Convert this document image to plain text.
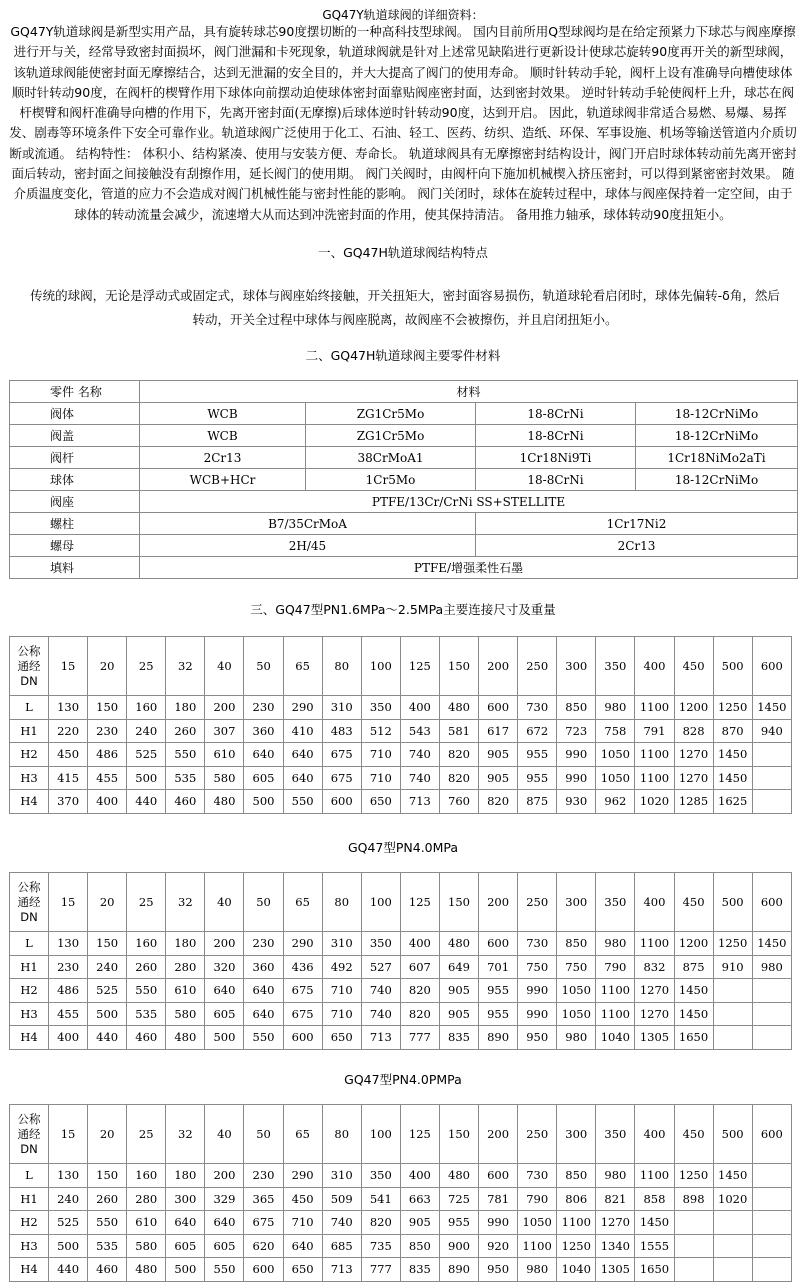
GQ47Y轨道球阀的详细资料：
GQ47Y轨道球阀是新型实用产品，具有旋转球芯90度摆切断的一种高科技型球阀。 国内目前所用Q型球阀均是在给定预紧力下球芯与阀座摩擦进行开与关，经常导致密封面损坏，阀门泄漏和卡死现象，轨道球阀就是针对上述常见缺陷进行更新设计使球芯旋转90度再开关的新型球阀，该轨道球阀能使密封面无摩擦结合，达到无泄漏的安全目的，并大大提高了阀门的使用寿命。 顺时针转动手轮，阀杆上设有准确导向槽使球体顺时针转动90度，在阀杆的楔臂作用下球体向前摆动迫使球体密封面靠贴阀座密封面，达到密封效果。 逆时针转动手轮使阀杆上升，球芯在阀杆楔臂和阀杆准确导向槽的作用下，先离开密封面(无摩擦)后球体逆时针转动90度，达到开启。 因此，轨道球阀非常适合易燃、易爆、易挥发、剧毒等环境条件下安全可靠作业。轨道球阀广泛使用于化工、石油、轻工、医药、纺织、造纸、环保、军事设施、机场等输送管道内介质切断或流通。 结构特性： 体积小、结构紧凑、使用与安装方便、寿命长。 轨道球阀具有无摩擦密封结构设计，阀门开启时球体转动前先离开密封面后转动，密封面之间接触没有刮擦作用，延长阀门的使用期。 阀门关阀时，由阀杆向下施加机械楔入挤压密封，可以得到紧密密封效果。 随介质温度变化，管道的应力不会造成对阀门机械性能与密封性能的影响。 阀门关闭时，球体在旋转过程中，球体与阀座保持着一定空间，由于球体的转动流量会减少，流速增大从而达到冲洗密封面的作用，使其保持清洁。 备用推力轴承，球体转动90度扭矩小。
一、GQ47H轨道球阀结构特点
传统的球阀，无论是浮动式或固定式，球体与阀座始终接触，开关扭矩大，密封面容易损伤，轨道球轮看启闭时，球体先偏转-δ角，然后转动，开关全过程中球体与阀座脱离，故阀座不会被擦伤，并且启闭扭矩小。
二、GQ47H轨道球阀主要零件材料
零件 名称	材料			
阀体	WCB	ZG1Cr5Mo	18-8CrNi	18-12CrNiMo
阀盖	WCB	ZG1Cr5Mo	18-8CrNi	18-12CrNiMo
阀杆	2Cr13	38CrMoA1	1Cr18Ni9Ti	1Cr18NiMo2aTi
球体	WCB+HCr	1Cr5Mo	18-8CrNi	18-12CrNiMo
阀座	PTFE/13Cr/CrNi SS+STELLITE			
螺柱	B7/35CrMoA		1Cr17Ni2	
螺母	2H/45		2Cr13	
填料	PTFE/增强柔性石墨			
三、GQ47型PN1.6MPa～2.5MPa主要连接尺寸及重量
公称通经DN	15	20	25	32	40	50	65	80	100	125	150	200	250	300	350	400	450	500	600
L	130	150	160	180	200	230	290	310	350	400	480	600	730	850	980	1100	1200	1250	1450
H1	220	230	240	260	307	360	410	483	512	543	581	617	672	723	758	791	828	870	940
H2	450	486	525	550	610	640	640	675	710	740	820	905	955	990	1050	1100	1270	1450	
H3	415	455	500	535	580	605	640	675	710	740	820	905	955	990	1050	1100	1270	1450	
H4	370	400	440	460	480	500	550	600	650	713	760	820	875	930	962	1020	1285	1625	
GQ47型PN4.0MPa
公称通经DN	15	20	25	32	40	50	65	80	100	125	150	200	250	300	350	400	450	500	600
L	130	150	160	180	200	230	290	310	350	400	480	600	730	850	980	1100	1200	1250	1450
H1	230	240	260	280	320	360	436	492	527	607	649	701	750	750	790	832	875	910	980
H2	486	525	550	610	640	640	675	710	740	820	905	955	990	1050	1100	1270	1450		
H3	455	500	535	580	605	640	675	710	740	820	905	955	990	1050	1100	1270	1450		
H4	400	440	460	480	500	550	600	650	713	777	835	890	950	980	1040	1305	1650		
GQ47型PN4.0PMPa
公称通经DN	15	20	25	32	40	50	65	80	100	125	150	200	250	300	350	400	450	500	600
L	130	150	160	180	200	230	290	310	350	400	480	600	730	850	980	1100	1250	1450	
H1	240	260	280	300	329	365	450	509	541	663	725	781	790	806	821	858	898	1020	
H2	525	550	610	640	640	675	710	740	820	905	955	990	1050	1100	1270	1450			
H3	500	535	580	605	605	620	640	685	735	850	900	920	1100	1250	1340	1555			
H4	440	460	480	500	550	600	650	713	777	835	890	950	980	1040	1305	1650			
